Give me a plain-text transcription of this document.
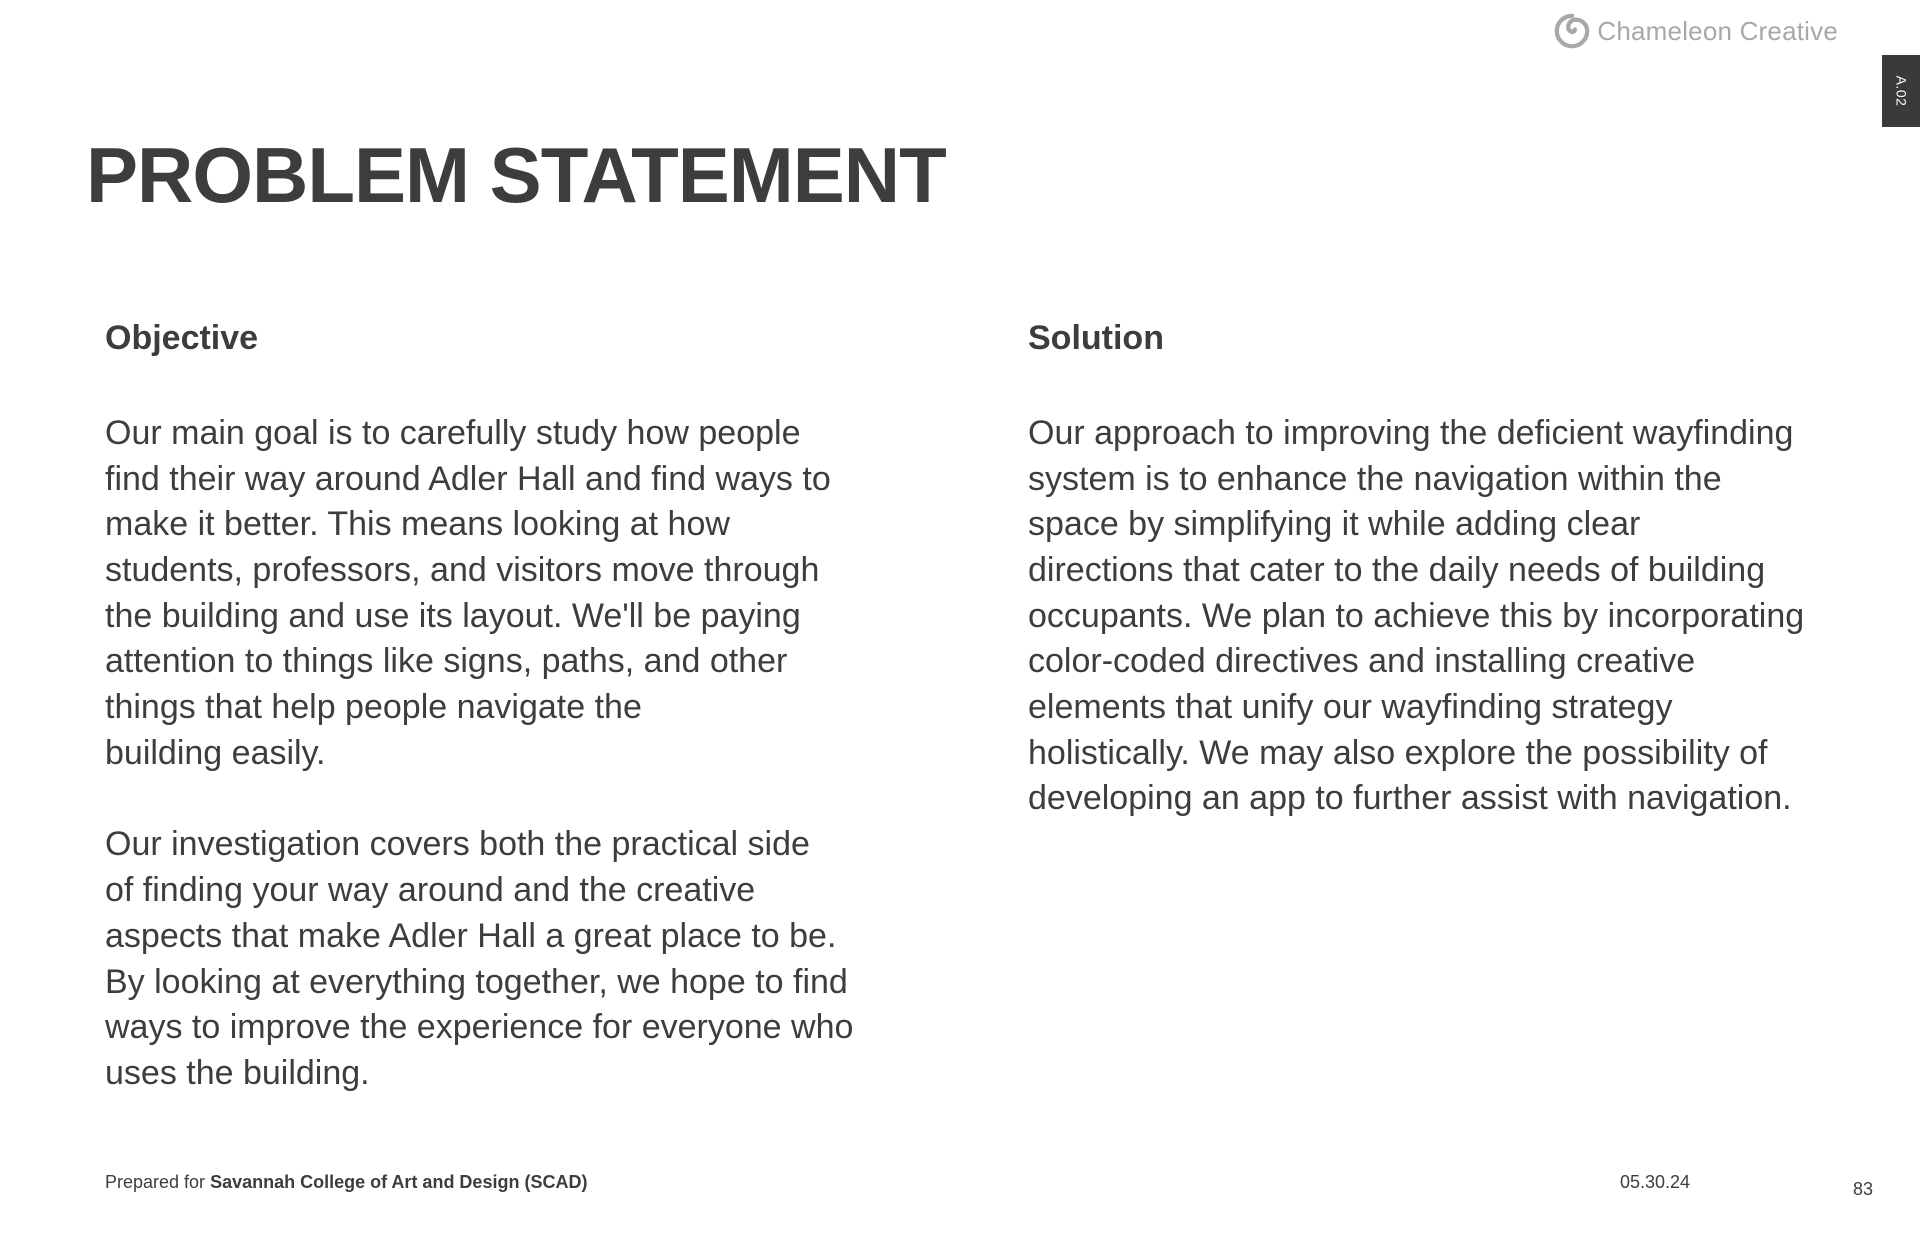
Chameleon Creative
A.02
PROBLEM STATEMENT
Objective

Our main goal is to carefully study how people
find their way around Adler Hall and find ways to
make it better. This means looking at how
students, professors, and visitors move through
the building and use its layout. We'll be paying
attention to things like signs, paths, and other
things that help people navigate the
building easily.

Our investigation covers both the practical side
of finding your way around and the creative
aspects that make Adler Hall a great place to be.
By looking at everything together, we hope to find
ways to improve the experience for everyone who
uses the building.

Solution

Our approach to improving the deficient wayfinding
system is to enhance the navigation within the
space by simplifying it while adding clear
directions that cater to the daily needs of building
occupants. We plan to achieve this by incorporating
color-coded directives and installing creative
elements that unify our wayfinding strategy
holistically. We may also explore the possibility of
developing an app to further assist with navigation.

Prepared for Savannah College of Art and Design (SCAD)	05.30.24	83
